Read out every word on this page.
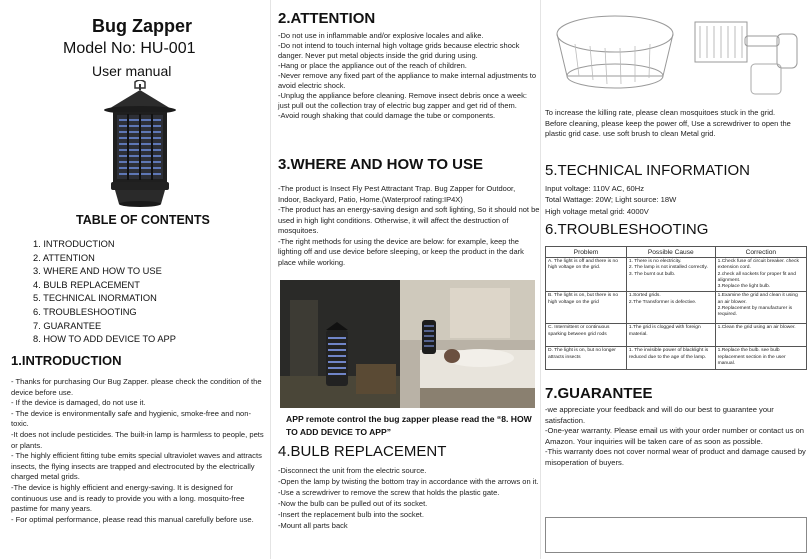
Bug Zapper
Model No: HU-001
User manual
TABLE OF CONTENTS
1. INTRODUCTION
2. ATTENTION
3. WHERE AND HOW TO USE
4. BULB REPLACEMENT
5. TECHNICAL INORMATION
6. TROUBLESHOOTING
7. GUARANTEE
8. HOW TO ADD DEVICE TO APP
1.INTRODUCTION

- Thanks for purchasing Our Bug Zapper. please check the condition of the device before use.

- If the device is damaged, do not use it.

- The device is environmentally safe and hygienic, smoke-free and non-toxic.

-It does not include pesticides. The built-in lamp is harmless to people, pets or plants.

- The highly efficient fitting tube emits special ultraviolet waves and attracts insects, the flying insects are trapped and electrocuted by the electrically charged metal grids.

-The device is highly efficient and energy-saving. It is designed for continuous use and is ready to provide you with a long. mosquito-free pastime for many years.

- For optimal performance, please read this manual carefully before use.

2.ATTENTION

-Do not use in inflammable and/or explosive locales and alike.

-Do not intend to touch internal high voltage grids because electric shock danger. Never put metal objects inside the grid during using.

-Hang or place the appliance out of the reach of children.

-Never remove any fixed part of the appliance to make internal adjustments to avoid electric shock.

-Unplug the appliance before cleaning. Remove insect debris once a week: just pull out the collection tray of electric bug zapper and get rid of them.

-Avoid rough shaking that could damage the tube or components.

3.WHERE AND HOW TO USE

-The product is Insect Fly Pest Attractant Trap. Bug Zapper for Outdoor, Indoor, Backyard, Patio, Home.(Waterproof rating:IP4X)

-The product has an energy-saving design and soft lighting, So it should not be used in high light conditions. Otherwise, it will affect the destruction of mosquitoes.

-The right methods for using the device are below: for example, keep the lighting off and use device before sleeping, or keep the product in the dark place while working.

APP remote control the bug zapper please read the “8. HOW TO ADD DEVICE TO APP”
4.BULB REPLACEMENT

-Disconnect the unit from the electric source.

-Open the lamp by twisting the bottom tray in accordance with the arrows on it.

-Use a screwdriver to remove the screw that holds the plastic gate.

-Now the bulb can be pulled out of its socket.

-Insert the replacement bulb into the socket.

-Mount all parts back

To increase the killing rate, please clean mosquitoes stuck in the grid.

Before cleaning, please keep the power off, Use a screwdriver to open the plastic grid case. use soft brush to clean Metal grid.

5.TECHNICAL INFORMATION

Input voltage: 110V AC, 60Hz

Total Wattage: 20W; Light source: 18W

High voltage metal grid: 4000V

6.TROUBLESHOOTING
Problem	Possible Cause	Correction
A. The light is off and there is no high voltage on the grid.	1. There is no electricity.
2. The lamp is not installed correctly.
3. The burnt out bulb.	1.Check fuse of circuit breaker. check extension cord.
2.check all sockets for proper fit and alignment.
3.Replace the light bulb.
B. The light is on, but there is no high voltage on the grid	1.Sorted grids.
2.The Transformer is defective.	1.Examine the grid and clean it using an air blower.
2.Replacement by manufacturer is required.
C. Intermittent or continuous sparking between grid rods	1.The grid is clogged with foreign material.	1.Clean the grid using an air blower.
D. The light is on, but no longer attracts insects	1. The invisible power of blacklight is reduced due to the age of the lamp.	1.Replace the bulb. see bulb replacement section in the user manual.
7.GUARANTEE

-we appreciate your feedback and will do our best to guarantee your satisfaction.

-One-year warranty. Please email us with your order number or contact us on Amazon. Your inquiries will be taken care of as soon as possible.

-This warranty does not cover normal wear of product and damage caused by misoperation of buyers.
